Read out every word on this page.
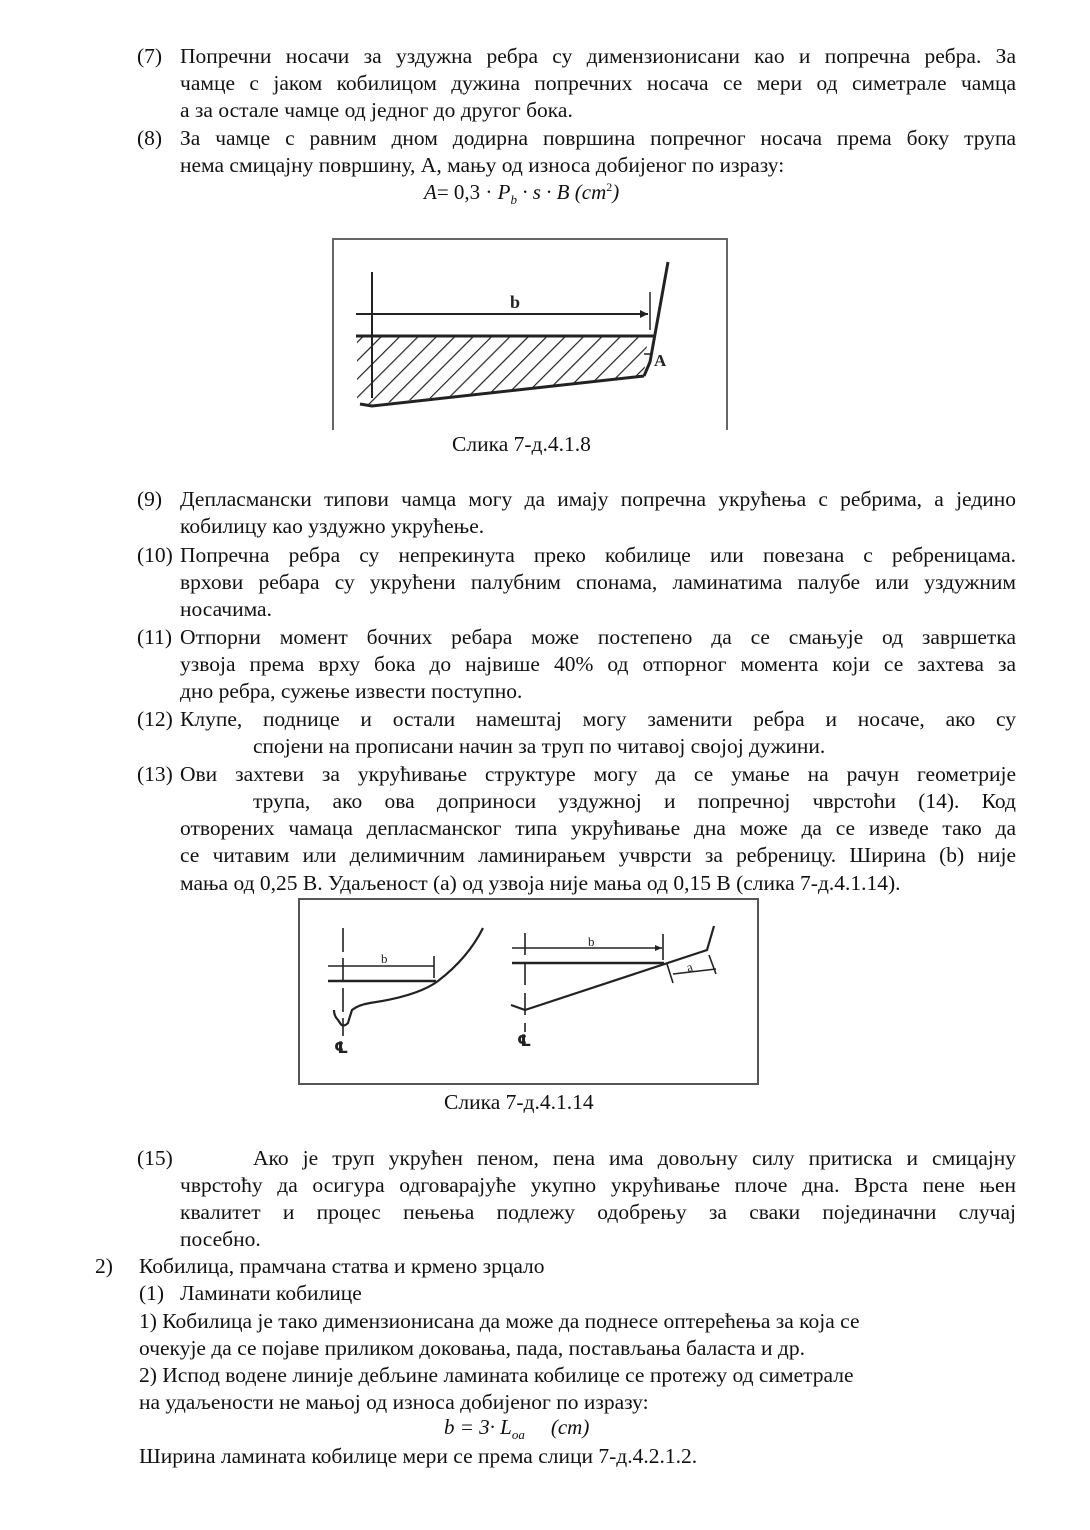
(7) Попречни носачи за уздужна ребра су димензионисани као и попречна ребра. За
чамце с јаком кобилицом дужина попречних носача се мери од симетрале чамца
а за остале чамце од једног до другог бока.
(8) За чамце с равним дном додирна површина попречног носача према боку трупа
нема смицајну површину, А, мању од износа добијеног по изразу:
$A= 0,3 \cdot P_b \cdot s \cdot B$ $(cm^2)$
b
A
Слика 7-д.4.1.8
(9) Депласмански типови чамца могу да имају попречна укрућења с ребрима, а једино
кобилицу као уздужно укрућење.
(10) Попречна ребра су непрекинута преко кобилице или повезана с ребреницама.
врхови ребара су укрућени палубним спонама, ламинатима палубе или уздужним
носачима.
(11) Отпорни момент бочних ребара може постепено да се смањује од завршетка
узвоја према врху бока до највише 40% од отпорног момента који се захтева за
дно ребра, сужење извести поступно.
(12) Клупе, поднице и остали намештај могу заменити ребра и носаче, ако су
спојени на прописани начин за труп по читавој својој дужини.
(13) Ови захтеви за укрућивање структуре могу да се умање на рачун геометрије
трупа, ако ова доприноси уздужној и попречној чврстоћи (14). Код
отворених чамаца депласманског типа укрућивање дна може да се изведе тако да
се читавим или делимичним ламинирањем учврсти за ребреницу. Ширина (b) није
мања од 0,25 В. Удаљеност (а) од узвоја није мања од 0,15 В (слика 7-д.4.1.14).
b
℄
b
a
℄
Слика 7-д.4.1.14
(15)	Ако је труп укрућен пеном, пена има довољну силу притиска и смицајну
чврстоћу да осигура одговарајуће укупно укрућивање плоче дна. Врста пене њен
квалитет и процес пењења подлежу одобрењу за сваки појединачни случај
посебно.
2) Кобилица, прамчана статва и крмено зрцало
(1) Ламинати кобилице
1) Кобилица је тако димензионисана да може да поднесе оптерећења за која се
очекује да се појаве приликом доковања, пада, постављања баласта и др.
2) Испод водене линије дебљине ламината кобилице се протежу од симетрале
на удаљености не мањој од износа добијеног по изразу:
$b = 3\cdot L_{oa}$ (cm)
Ширина ламината кобилице мери се према слици 7-д.4.2.1.2.
